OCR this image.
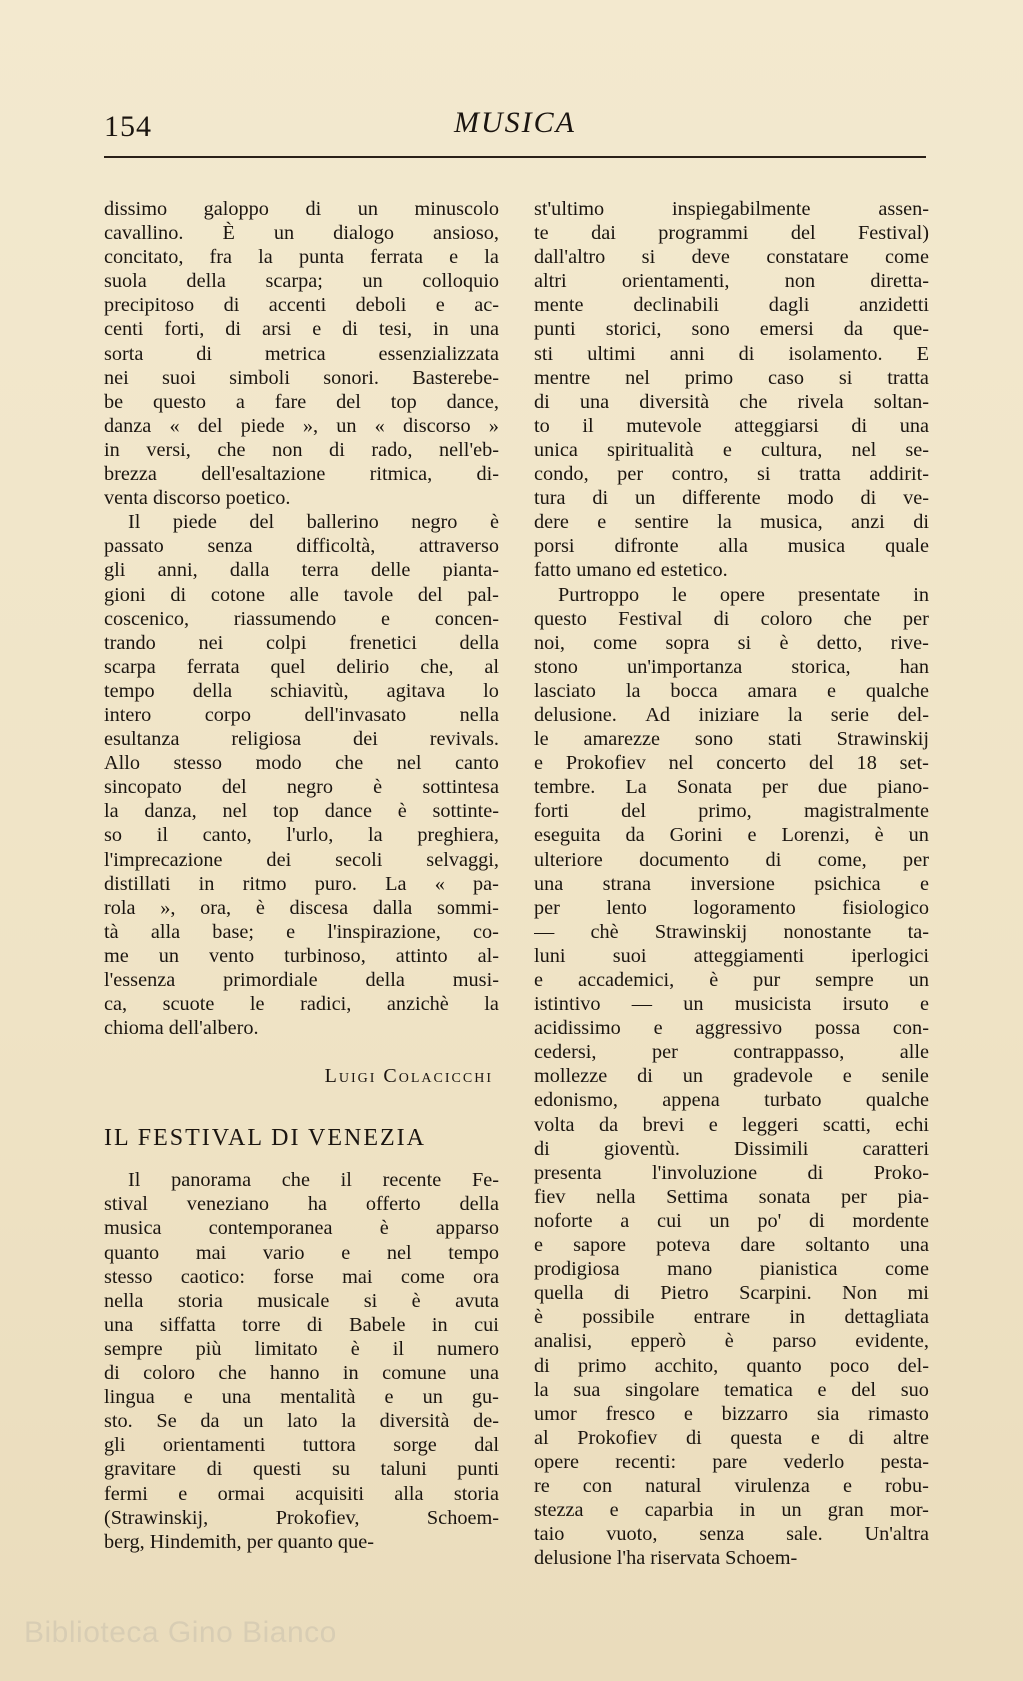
154	MUSICA
dissimo galoppo di un minuscolo
cavallino. È un dialogo ansioso,
concitato, fra la punta ferrata e la
suola della scarpa; un colloquio
precipitoso di accenti deboli e ac-
centi forti, di arsi e di tesi, in una
sorta	di	metrica	essenzializzata
nei suoi simboli sonori. Basterebe-
be questo a fare del top dance,
danza « del piede », un « discorso »
in versi, che non di rado, nell'eb-
brezza dell'esaltazione ritmica, di-
venta discorso poetico.
Il piede del ballerino negro è
passato senza difficoltà, attraverso
gli anni, dalla terra delle pianta-
gioni di cotone alle tavole del pal-
coscenico, riassumendo e concen-
trando nei colpi frenetici della
scarpa ferrata quel delirio che, al
tempo della schiavitù, agitava lo
intero	corpo	dell'invasato	nella
esultanza	religiosa	dei	revivals.
Allo stesso modo che nel canto
sincopato del negro è sottintesa
la danza, nel top dance è sottinte-
so il canto, l'urlo, la preghiera,
l'imprecazione dei secoli selvaggi,
distillati in ritmo puro. La « pa-
rola », ora, è discesa dalla sommi-
tà alla base; e l'inspirazione, co-
me un vento turbinoso, attinto al-
l'essenza primordiale della musi-
ca, scuote le radici, anzichè la
chioma dell'albero.
Luigi Colacicchi
IL FESTIVAL DI VENEZIA
Il panorama che il recente Fe-
stival veneziano ha offerto della
musica contemporanea è apparso
quanto mai vario e nel tempo
stesso caotico: forse mai come ora
nella storia musicale si è avuta
una siffatta torre di Babele in cui
sempre più limitato è il numero
di coloro che hanno in comune una
lingua e una mentalità e un gu-
sto. Se da un lato la diversità de-
gli orientamenti tuttora sorge dal
gravitare di questi su taluni punti
fermi e ormai acquisiti alla storia
(Strawinskij,	Prokofiev,	Schoem-
berg, Hindemith, per quanto que-
st'ultimo	inspiegabilmente	assen-
te dai programmi del Festival)
dall'altro si deve constatare come
altri	orientamenti,	non	diretta-
mente declinabili dagli anzidetti
punti storici, sono emersi da que-
sti ultimi anni di isolamento. E
mentre nel primo caso si tratta
di una diversità che rivela soltan-
to il mutevole atteggiarsi di una
unica spiritualità e cultura, nel se-
condo, per contro, si tratta addirit-
tura di un differente modo di ve-
dere e sentire la musica, anzi di
porsi difronte alla musica quale
fatto umano ed estetico.
Purtroppo le opere presentate in
questo Festival di coloro che per
noi, come sopra si è detto, rive-
stono un'importanza storica, han
lasciato la bocca amara e qualche
delusione. Ad iniziare la serie del-
le amarezze sono stati Strawinskij
e Prokofiev nel concerto del 18 set-
tembre. La Sonata per due piano-
forti	del	primo,	magistralmente
eseguita da Gorini e Lorenzi, è un
ulteriore documento di come, per
una strana inversione psichica e
per lento logoramento fisiologico
— chè Strawinskij nonostante ta-
luni suoi atteggiamenti iperlogici
e accademici, è pur sempre un
istintivo — un musicista irsuto e
acidissimo e aggressivo possa con-
cedersi,	per	contrappasso,	alle
mollezze di un gradevole e senile
edonismo, appena turbato qualche
volta da brevi e leggeri scatti, echi
di	gioventù.	Dissimili	caratteri
presenta l'involuzione di Proko-
fiev nella Settima sonata per pia-
noforte a cui un po' di mordente
e sapore poteva dare soltanto una
prodigiosa mano pianistica come
quella di Pietro Scarpini. Non mi
è possibile entrare in dettagliata
analisi, epperò è parso evidente,
di primo acchito, quanto poco del-
la sua singolare tematica e del suo
umor fresco e bizzarro sia rimasto
al Prokofiev di questa e di altre
opere recenti: pare vederlo pesta-
re con natural virulenza e robu-
stezza e caparbia in un gran mor-
taio vuoto, senza sale. Un'altra
delusione l'ha riservata Schoem-
Biblioteca Gino Bianco
